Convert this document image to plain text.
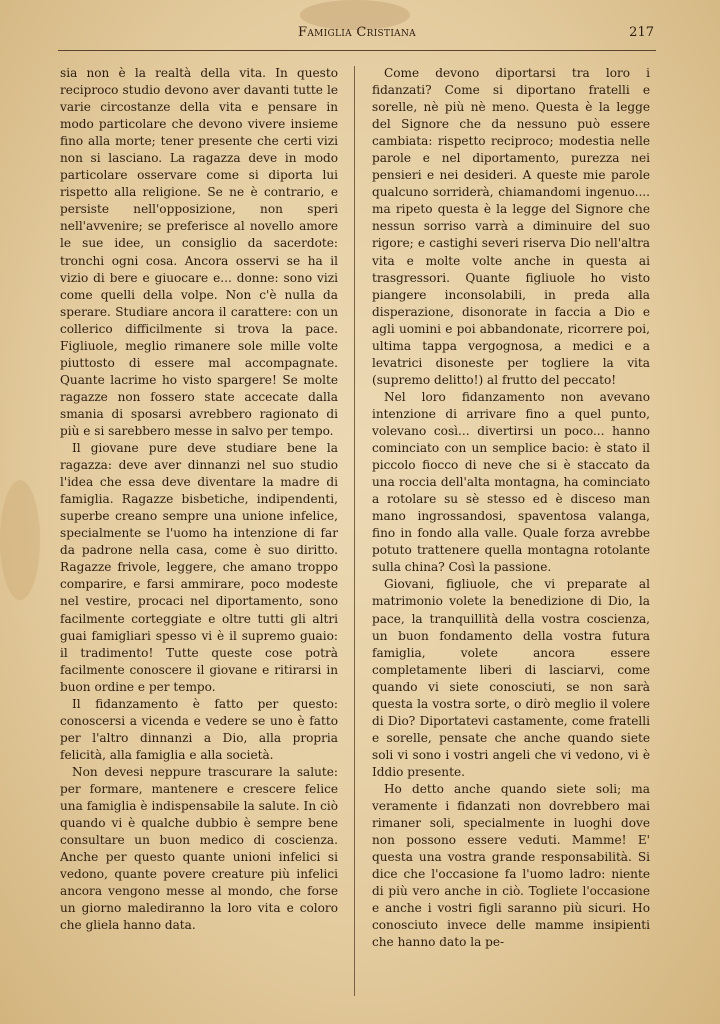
Famiglia Cristiana	217

sia non è la realtà della vita. In questo reciproco studio devono aver davanti tutte le varie circostanze della vita e pensare in modo particolare che devono vivere insieme fino alla morte; tener presente che certi vizi non si lasciano. La ragazza deve in modo particolare osservare come si diporta lui rispetto alla religione. Se ne è contrario, e persiste nell'opposizione, non speri nell'avvenire; se preferisce al novello amore le sue idee, un consiglio da sacerdote: tronchi ogni cosa. Ancora osservi se ha il vizio di bere e giuocare e... donne: sono vizi come quelli della volpe. Non c'è nulla da sperare. Studiare ancora il carattere: con un collerico difficilmente si trova la pace. Figliuole, meglio rimanere sole mille volte piuttosto di essere mal accompagnate. Quante lacrime ho visto spargere! Se molte ragazze non fossero state accecate dalla smania di sposarsi avrebbero ragionato di più e si sarebbero messe in salvo per tempo.

Il giovane pure deve studiare bene la ragazza: deve aver dinnanzi nel suo studio l'idea che essa deve diventare la madre di famiglia. Ragazze bisbetiche, indipendenti, superbe creano sempre una unione infelice, specialmente se l'uomo ha intenzione di far da padrone nella casa, come è suo diritto. Ragazze frivole, leggere, che amano troppo comparire, e farsi ammirare, poco modeste nel vestire, procaci nel diportamento, sono facilmente corteggiate e oltre tutti gli altri guai famigliari spesso vi è il supremo guaio: il tradimento! Tutte queste cose potrà facilmente conoscere il giovane e ritirarsi in buon ordine e per tempo.

Il fidanzamento è fatto per questo: conoscersi a vicenda e vedere se uno è fatto per l'altro dinnanzi a Dio, alla propria felicità, alla famiglia e alla società.

Non devesi neppure trascurare la salute: per formare, mantenere e crescere felice una famiglia è indispensabile la salute. In ciò quando vi è qualche dubbio è sempre bene consultare un buon medico di coscienza. Anche per questo quante unioni infelici si vedono, quante povere creature più infelici ancora vengono messe al mondo, che forse un giorno malediranno la loro vita e coloro che gliela hanno data.

Come devono diportarsi tra loro i fidanzati? Come si diportano fratelli e sorelle, nè più nè meno. Questa è la legge del Signore che da nessuno può essere cambiata: rispetto reciproco; modestia nelle parole e nel diportamento, purezza nei pensieri e nei desideri. A queste mie parole qualcuno sorriderà, chiamandomi ingenuo.... ma ripeto questa è la legge del Signore che nessun sorriso varrà a diminuire del suo rigore; e castighi severi riserva Dio nell'altra vita e molte volte anche in questa ai trasgressori. Quante figliuole ho visto piangere inconsolabili, in preda alla disperazione, disonorate in faccia a Dio e agli uomini e poi abbandonate, ricorrere poi, ultima tappa vergognosa, a medici e a levatrici disoneste per togliere la vita (supremo delitto!) al frutto del peccato!

Nel loro fidanzamento non avevano intenzione di arrivare fino a quel punto, volevano così... divertirsi un poco... hanno cominciato con un semplice bacio: è stato il piccolo fiocco di neve che si è staccato da una roccia dell'alta montagna, ha cominciato a rotolare su sè stesso ed è disceso man mano ingrossandosi, spaventosa valanga, fino in fondo alla valle. Quale forza avrebbe potuto trattenere quella montagna rotolante sulla china? Così la passione.

Giovani, figliuole, che vi preparate al matrimonio volete la benedizione di Dio, la pace, la tranquillità della vostra coscienza, un buon fondamento della vostra futura famiglia, volete ancora essere completamente liberi di lasciarvi, come quando vi siete conosciuti, se non sarà questa la vostra sorte, o dirò meglio il volere di Dio? Diportatevi castamente, come fratelli e sorelle, pensate che anche quando siete soli vi sono i vostri angeli che vi vedono, vi è Iddio presente.

Ho detto anche quando siete soli; ma veramente i fidanzati non dovrebbero mai rimaner soli, specialmente in luoghi dove non possono essere veduti. Mamme! E' questa una vostra grande responsabilità. Si dice che l'occasione fa l'uomo ladro: niente di più vero anche in ciò. Togliete l'occasione e anche i vostri figli saranno più sicuri. Ho conosciuto invece delle mamme insipienti che hanno dato la pe-
